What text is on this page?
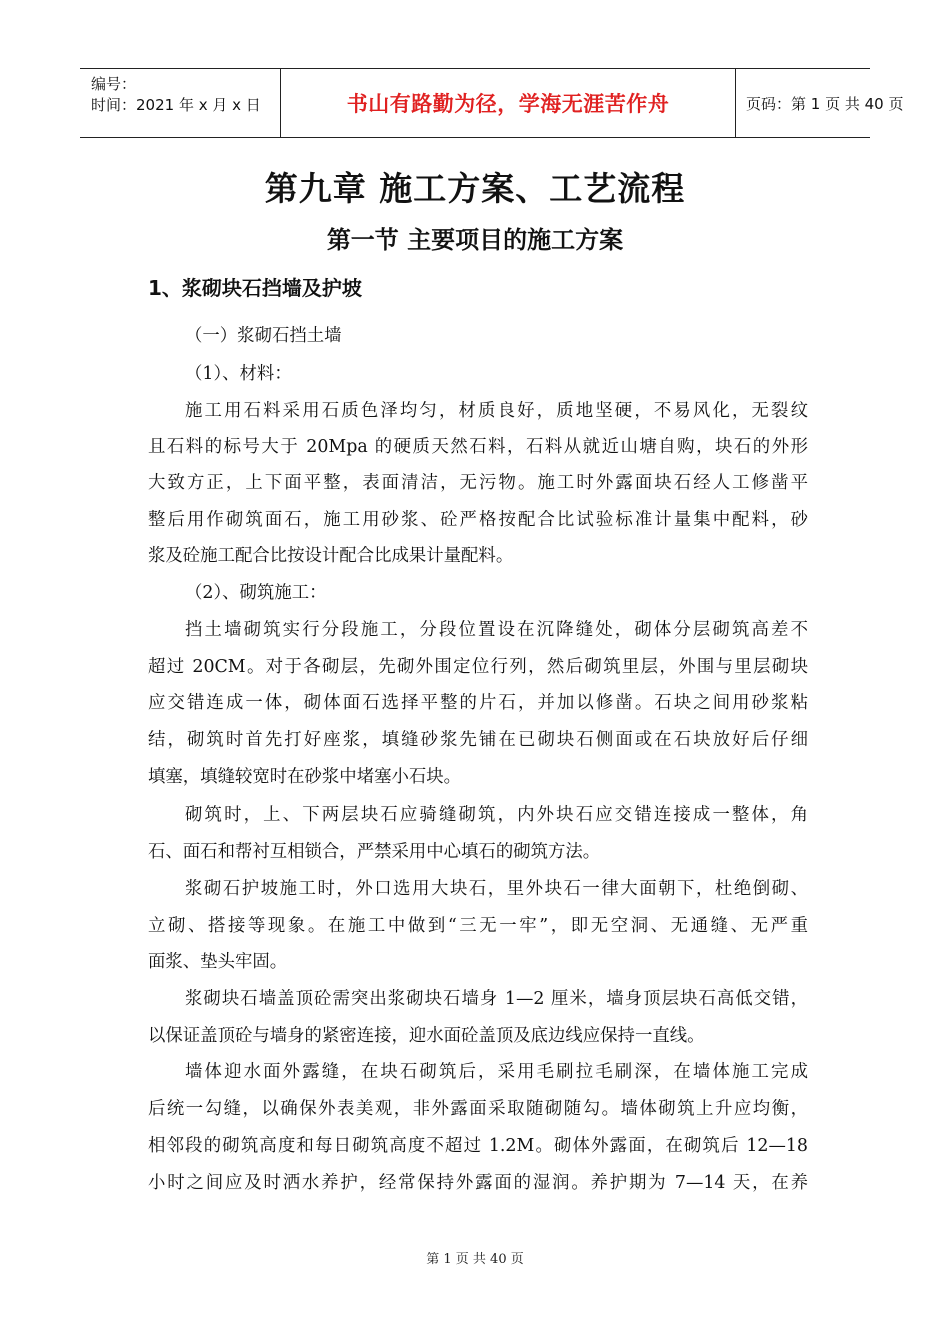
编号：
时间：2021 年 x 月 x 日	书山有路勤为径，学海无涯苦作舟	页码：第 1 页 共 40 页
第九章 施工方案、工艺流程
第一节 主要项目的施工方案
1、浆砌块石挡墙及护坡
（一）浆砌石挡土墙
（1）、材料：
施工用石料采用石质色泽均匀，材质良好，质地坚硬，不易风化，无裂纹
且石料的标号大于 20Mpa 的硬质天然石料，石料从就近山塘自购，块石的外形
大致方正，上下面平整，表面清洁，无污物。施工时外露面块石经人工修凿平
整后用作砌筑面石，施工用砂浆、砼严格按配合比试验标准计量集中配料，砂
浆及砼施工配合比按设计配合比成果计量配料。
（2）、砌筑施工：
挡土墙砌筑实行分段施工，分段位置设在沉降缝处，砌体分层砌筑高差不
超过 20CM。对于各砌层，先砌外围定位行列，然后砌筑里层，外围与里层砌块
应交错连成一体，砌体面石选择平整的片石，并加以修凿。石块之间用砂浆粘
结，砌筑时首先打好座浆，填缝砂浆先铺在已砌块石侧面或在石块放好后仔细
填塞，填缝较宽时在砂浆中堵塞小石块。
砌筑时，上、下两层块石应骑缝砌筑，内外块石应交错连接成一整体，角
石、面石和帮衬互相锁合，严禁采用中心填石的砌筑方法。
浆砌石护坡施工时，外口选用大块石，里外块石一律大面朝下，杜绝倒砌、
立砌、搭接等现象。在施工中做到“三无一牢”，即无空洞、无通缝、无严重
面浆、垫头牢固。
浆砌块石墙盖顶砼需突出浆砌块石墙身 1—2 厘米，墙身顶层块石高低交错，
以保证盖顶砼与墙身的紧密连接，迎水面砼盖顶及底边线应保持一直线。
墙体迎水面外露缝，在块石砌筑后，采用毛刷拉毛刷深，在墙体施工完成
后统一勾缝，以确保外表美观，非外露面采取随砌随勾。墙体砌筑上升应均衡，
相邻段的砌筑高度和每日砌筑高度不超过 1.2M。砌体外露面，在砌筑后 12—18
小时之间应及时洒水养护，经常保持外露面的湿润。养护期为 7—14 天，在养
第 1 页 共 40 页
